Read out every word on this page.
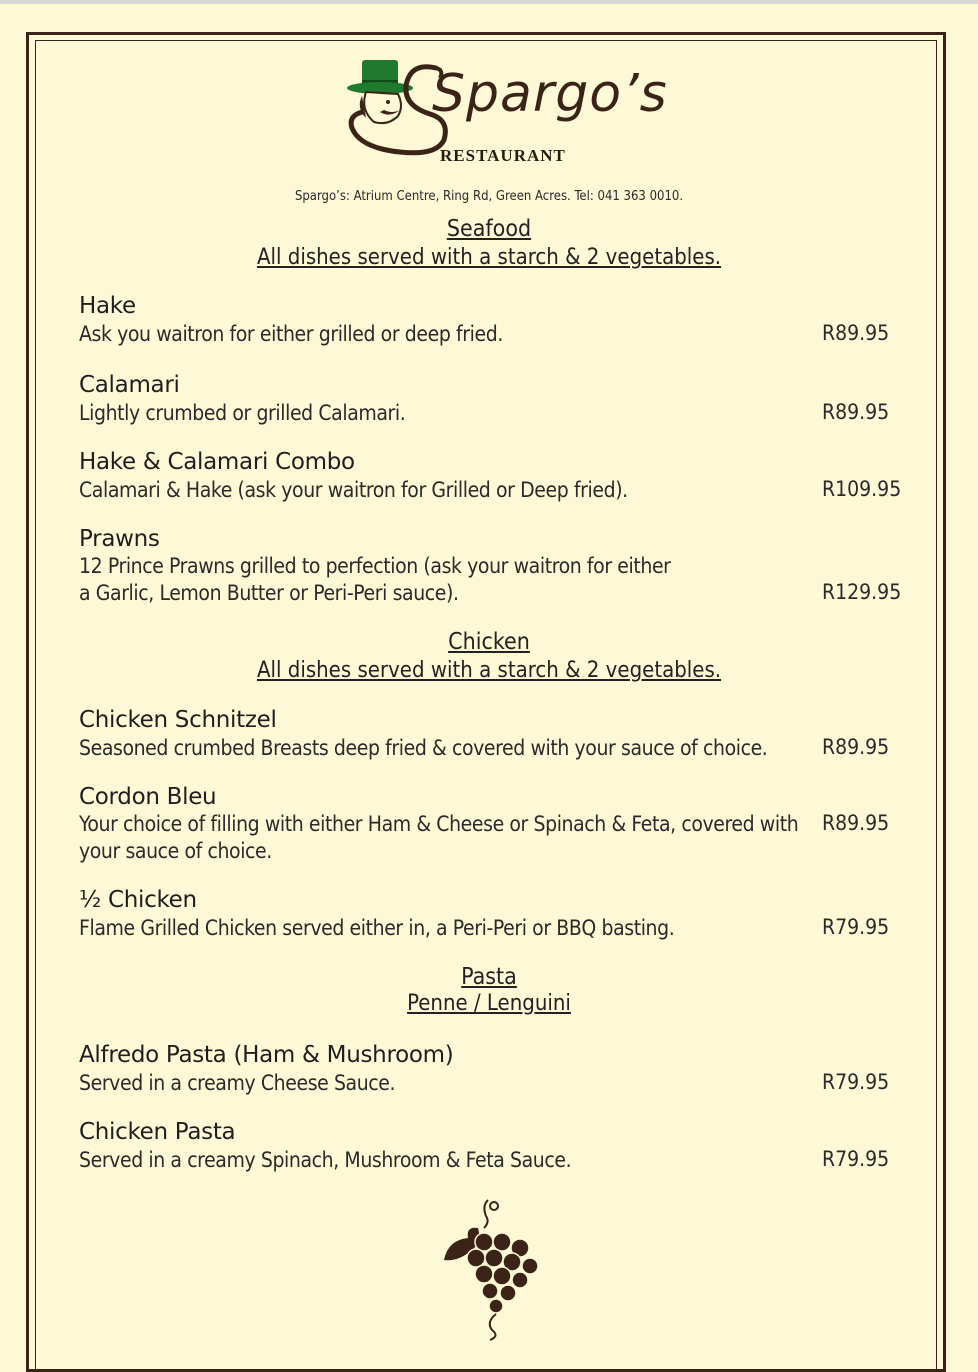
Spargo’s
RESTAURANT
Spargo’s: Atrium Centre, Ring Rd, Green Acres. Tel: 041 363 0010.
Seafood
All dishes served with a starch & 2 vegetables.
Hake
Ask you waitron for either grilled or deep fried.	R89.95
Calamari
Lightly crumbed or grilled Calamari.	R89.95
Hake & Calamari Combo
Calamari & Hake (ask your waitron for Grilled or Deep fried).	R109.95
Prawns
12 Prince Prawns grilled to perfection (ask your waitron for either
a Garlic, Lemon Butter or Peri-Peri sauce).	R129.95
Chicken
All dishes served with a starch & 2 vegetables.
Chicken Schnitzel
Seasoned crumbed Breasts deep fried & covered with your sauce of choice.	R89.95
Cordon Bleu
Your choice of filling with either Ham & Cheese or Spinach & Feta, covered with
your sauce of choice.
R89.95
½ Chicken
Flame Grilled Chicken served either in, a Peri-Peri or BBQ basting.	R79.95
Pasta
Penne / Lenguini
Alfredo Pasta (Ham & Mushroom)
Served in a creamy Cheese Sauce.	R79.95
Chicken Pasta
Served in a creamy Spinach, Mushroom & Feta Sauce.	R79.95
